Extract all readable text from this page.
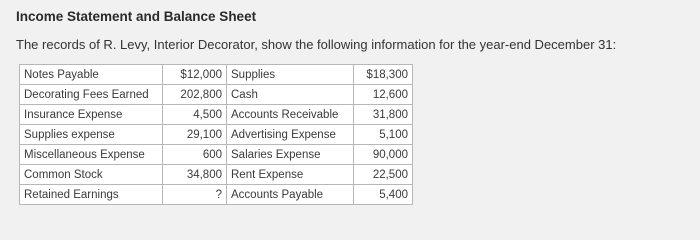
Income Statement and Balance Sheet
The records of R. Levy, Interior Decorator, show the following information for the year-end December 31:
Notes Payable	$12,000	Supplies	$18,300
Decorating Fees Earned	202,800	Cash	12,600
Insurance Expense	4,500	Accounts Receivable	31,800
Supplies expense	29,100	Advertising Expense	5,100
Miscellaneous Expense	600	Salaries Expense	90,000
Common Stock	34,800	Rent Expense	22,500
Retained Earnings	?	Accounts Payable	5,400
